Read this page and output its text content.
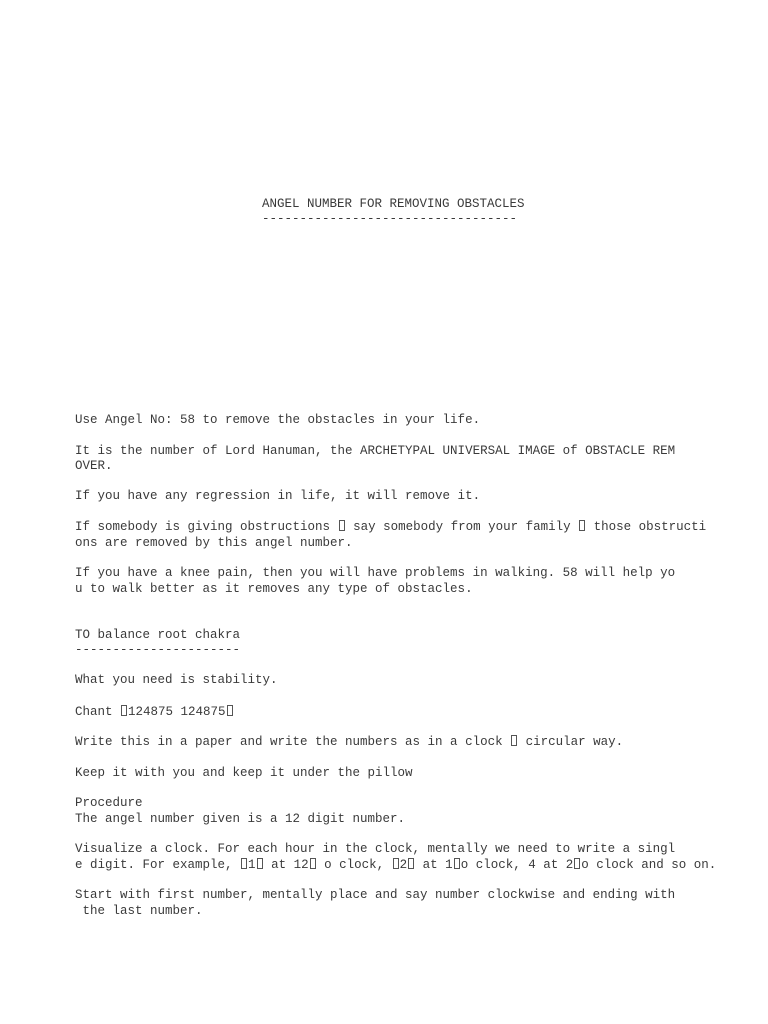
ANGEL NUMBER FOR REMOVING OBSTACLES
----------------------------------
Use Angel No: 58 to remove the obstacles in your life.
It is the number of Lord Hanuman, the ARCHETYPAL UNIVERSAL IMAGE of OBSTACLE REM
OVER.
If you have any regression in life, it will remove it.
If somebody is giving obstructions say somebody from your family those obstructi
ons are removed by this angel number.
If you have a knee pain, then you will have problems in walking. 58 will help yo
u to walk better as it removes any type of obstacles.
TO balance root chakra
----------------------
What you need is stability.
Chant 124875 124875
Write this in a paper and write the numbers as in a clock circular way.
Keep it with you and keep it under the pillow
Procedure
The angel number given is a 12 digit number.
Visualize a clock. For each hour in the clock, mentally we need to write a singl
e digit. For example, 1 at 12 o clock, 2 at 1 o clock, 4 at 2 o clock and so on.
Start with first number, mentally place and say number clockwise and ending with
the last number.
